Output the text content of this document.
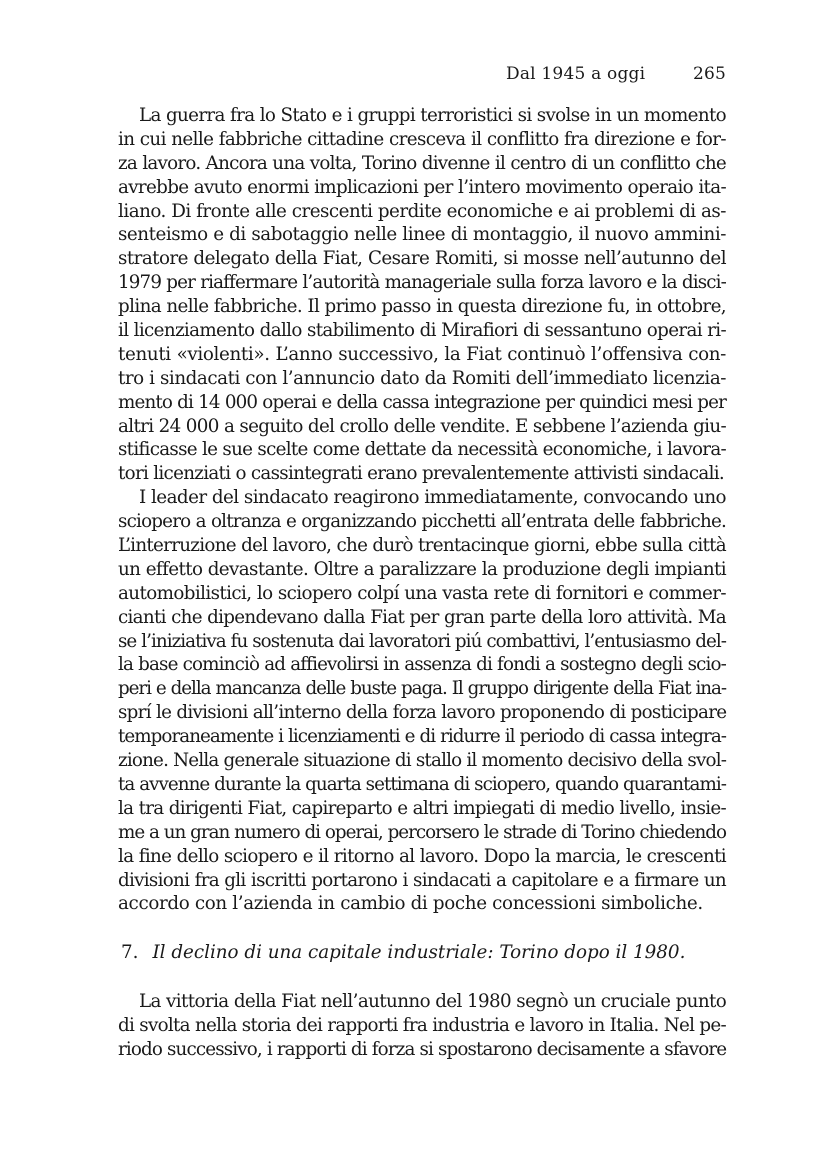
Dal 1945 a oggi	265
La guerra fra lo Stato e i gruppi terroristici si svolse in un momento
in cui nelle fabbriche cittadine cresceva il conflitto fra direzione e for-
za lavoro. Ancora una volta, Torino divenne il centro di un conflitto che
avrebbe avuto enormi implicazioni per l’intero movimento operaio ita-
liano. Di fronte alle crescenti perdite economiche e ai problemi di as-
senteismo e di sabotaggio nelle linee di montaggio, il nuovo ammini-
stratore delegato della Fiat, Cesare Romiti, si mosse nell’autunno del
1979 per riaffermare l’autorità manageriale sulla forza lavoro e la disci-
plina nelle fabbriche. Il primo passo in questa direzione fu, in ottobre,
il licenziamento dallo stabilimento di Mirafiori di sessantuno operai ri-
tenuti «violenti». L’anno successivo, la Fiat continuò l’offensiva con-
tro i sindacati con l’annuncio dato da Romiti dell’immediato licenzia-
mento di 14 000 operai e della cassa integrazione per quindici mesi per
altri 24 000 a seguito del crollo delle vendite. E sebbene l’azienda giu-
stificasse le sue scelte come dettate da necessità economiche, i lavora-
tori licenziati o cassintegrati erano prevalentemente attivisti sindacali.
I leader del sindacato reagirono immediatamente, convocando uno
sciopero a oltranza e organizzando picchetti all’entrata delle fabbriche.
L’interruzione del lavoro, che durò trentacinque giorni, ebbe sulla città
un effetto devastante. Oltre a paralizzare la produzione degli impianti
automobilistici, lo sciopero colpí una vasta rete di fornitori e commer-
cianti che dipendevano dalla Fiat per gran parte della loro attività. Ma
se l’iniziativa fu sostenuta dai lavoratori piú combattivi, l’entusiasmo del-
la base cominciò ad affievolirsi in assenza di fondi a sostegno degli scio-
peri e della mancanza delle buste paga. Il gruppo dirigente della Fiat ina-
sprí le divisioni all’interno della forza lavoro proponendo di posticipare
temporaneamente i licenziamenti e di ridurre il periodo di cassa integra-
zione. Nella generale situazione di stallo il momento decisivo della svol-
ta avvenne durante la quarta settimana di sciopero, quando quarantami-
la tra dirigenti Fiat, capireparto e altri impiegati di medio livello, insie-
me a un gran numero di operai, percorsero le strade di Torino chiedendo
la fine dello sciopero e il ritorno al lavoro. Dopo la marcia, le crescenti
divisioni fra gli iscritti portarono i sindacati a capitolare e a firmare un
accordo con l’azienda in cambio di poche concessioni simboliche.
7. Il declino di una capitale industriale: Torino dopo il 1980.
La vittoria della Fiat nell’autunno del 1980 segnò un cruciale punto
di svolta nella storia dei rapporti fra industria e lavoro in Italia. Nel pe-
riodo successivo, i rapporti di forza si spostarono decisamente a sfavore
